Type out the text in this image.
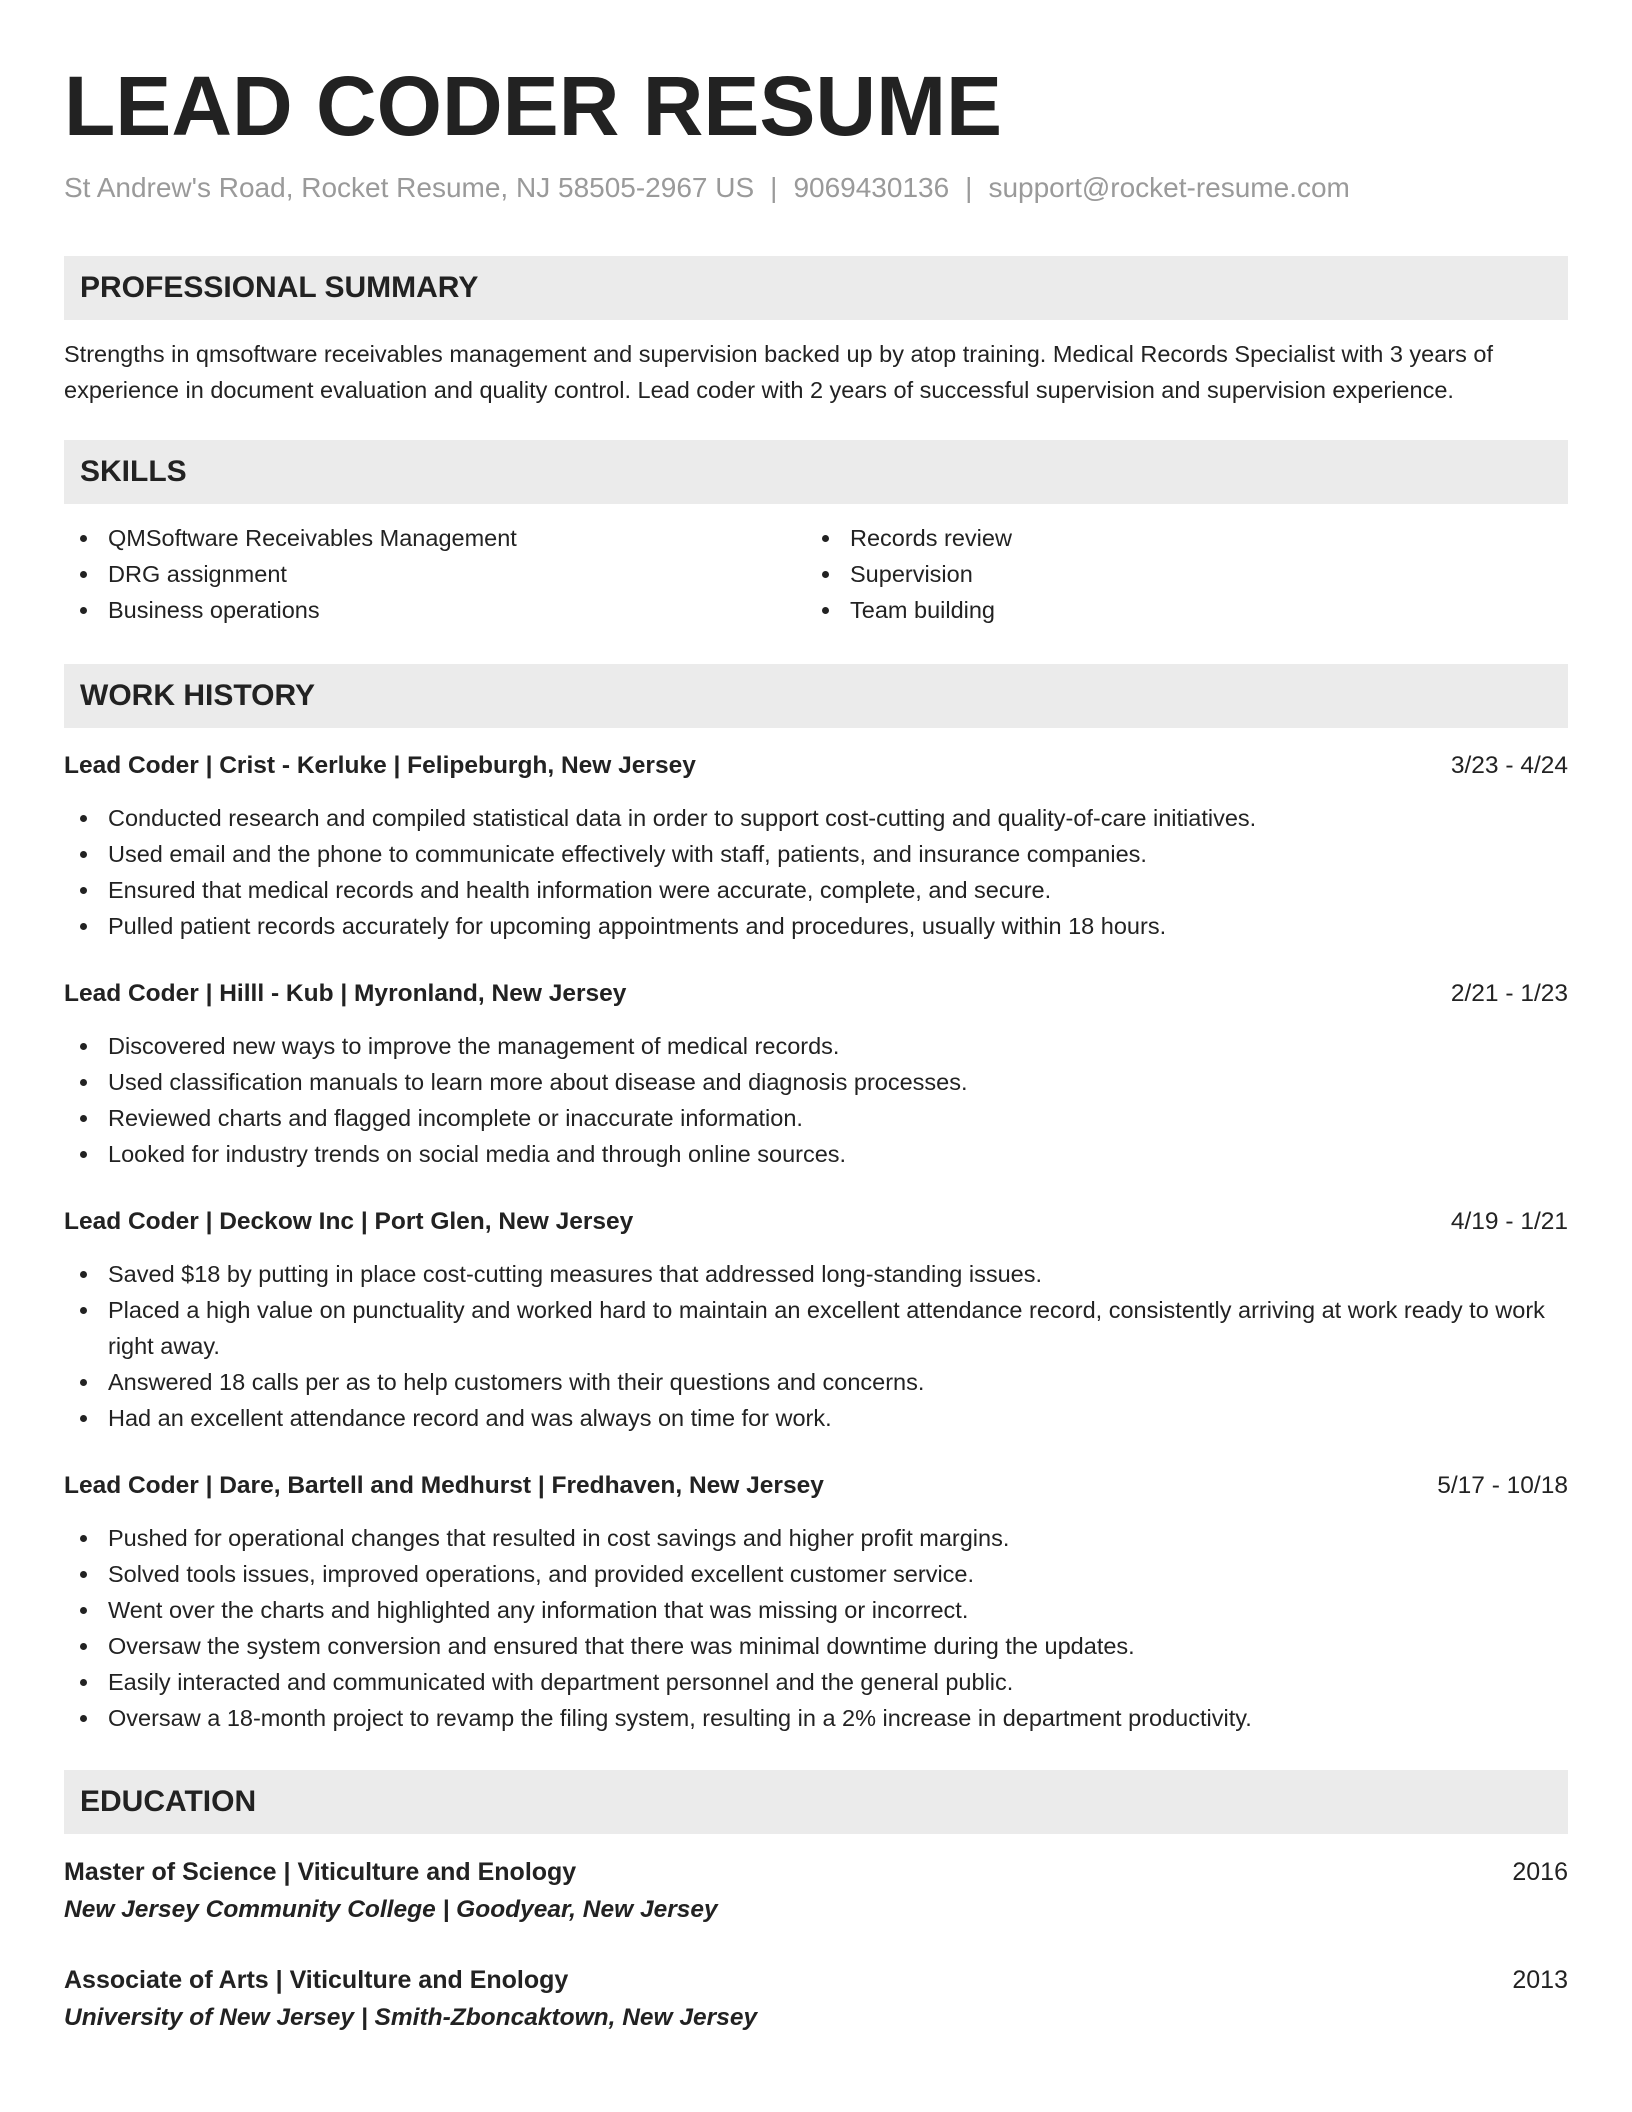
LEAD CODER RESUME
St Andrew's Road, Rocket Resume, NJ 58505-2967 US | 9069430136 | support@rocket-resume.com
PROFESSIONAL SUMMARY
Strengths in qmsoftware receivables management and supervision backed up by atop training. Medical Records Specialist with 3 years of experience in document evaluation and quality control. Lead coder with 2 years of successful supervision and supervision experience.
SKILLS
QMSoftware Receivables Management
DRG assignment
Business operations
Records review
Supervision
Team building
WORK HISTORY
Lead Coder | Crist - Kerluke | Felipeburgh, New Jersey	3/23 - 4/24
Conducted research and compiled statistical data in order to support cost-cutting and quality-of-care initiatives.
Used email and the phone to communicate effectively with staff, patients, and insurance companies.
Ensured that medical records and health information were accurate, complete, and secure.
Pulled patient records accurately for upcoming appointments and procedures, usually within 18 hours.
Lead Coder | Hilll - Kub | Myronland, New Jersey	2/21 - 1/23
Discovered new ways to improve the management of medical records.
Used classification manuals to learn more about disease and diagnosis processes.
Reviewed charts and flagged incomplete or inaccurate information.
Looked for industry trends on social media and through online sources.
Lead Coder | Deckow Inc | Port Glen, New Jersey	4/19 - 1/21
Saved $18 by putting in place cost-cutting measures that addressed long-standing issues.
Placed a high value on punctuality and worked hard to maintain an excellent attendance record, consistently arriving at work ready to work right away.
Answered 18 calls per as to help customers with their questions and concerns.
Had an excellent attendance record and was always on time for work.
Lead Coder | Dare, Bartell and Medhurst | Fredhaven, New Jersey	5/17 - 10/18
Pushed for operational changes that resulted in cost savings and higher profit margins.
Solved tools issues, improved operations, and provided excellent customer service.
Went over the charts and highlighted any information that was missing or incorrect.
Oversaw the system conversion and ensured that there was minimal downtime during the updates.
Easily interacted and communicated with department personnel and the general public.
Oversaw a 18-month project to revamp the filing system, resulting in a 2% increase in department productivity.
EDUCATION
Master of Science | Viticulture and Enology	2016
New Jersey Community College | Goodyear, New Jersey
Associate of Arts | Viticulture and Enology	2013
University of New Jersey | Smith-Zboncaktown, New Jersey
